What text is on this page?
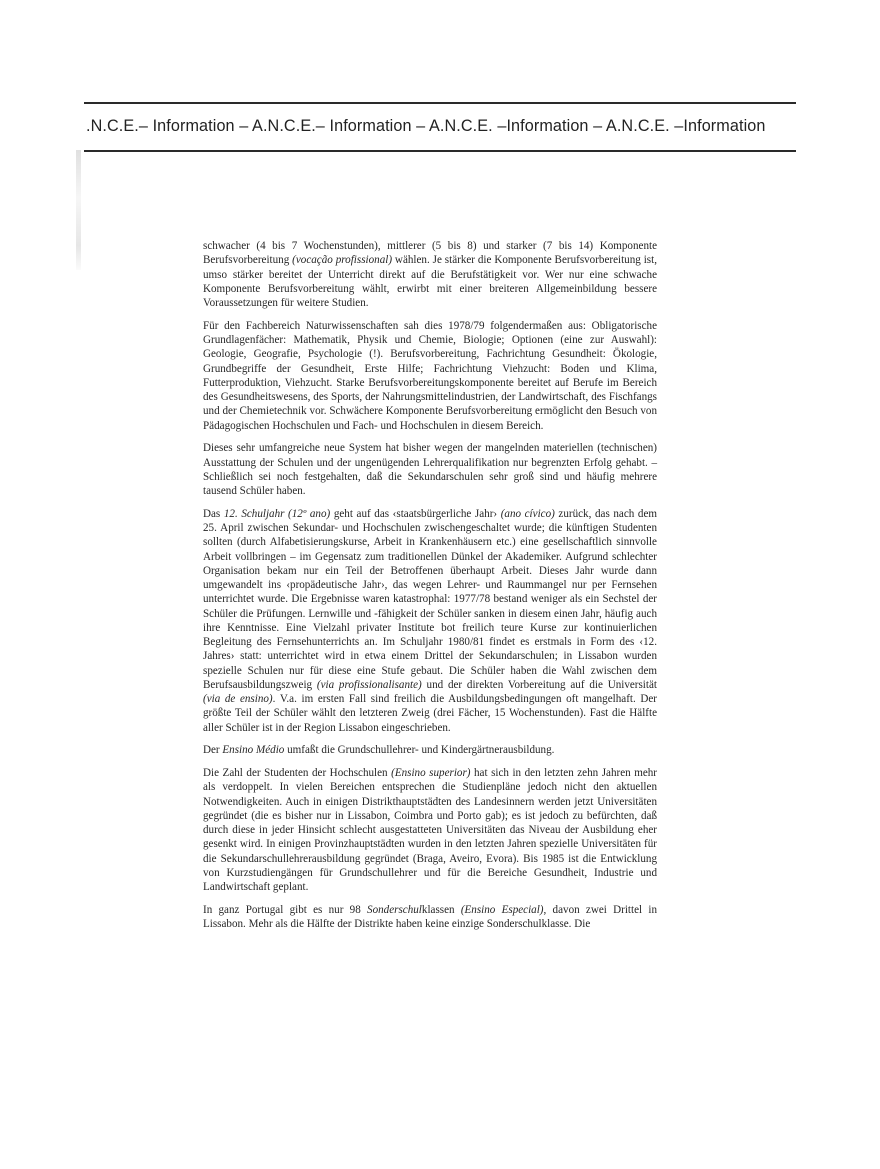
.N.C.E.– Information – A.N.C.E.– Information – A.N.C.E. –Information – A.N.C.E. –Information

schwacher (4 bis 7 Wochenstunden), mittlerer (5 bis 8) und starker (7 bis 14) Komponente Berufsvorbereitung (vocação profissional) wählen. Je stärker die Komponente Berufsvorbereitung ist, umso stärker bereitet der Unterricht direkt auf die Berufstätigkeit vor. Wer nur eine schwache Komponente Berufsvorbereitung wählt, erwirbt mit einer breiteren Allgemeinbildung bessere Voraussetzungen für weitere Studien.

Für den Fachbereich Naturwissenschaften sah dies 1978/79 folgendermaßen aus: Obligatorische Grundlagenfächer: Mathematik, Physik und Chemie, Biologie; Optionen (eine zur Auswahl): Geologie, Geografie, Psychologie (!). Berufsvorbereitung, Fachrichtung Gesundheit: Ökologie, Grundbegriffe der Gesundheit, Erste Hilfe; Fachrichtung Viehzucht: Boden und Klima, Futterproduktion, Viehzucht. Starke Berufsvorbereitungskomponente bereitet auf Berufe im Bereich des Gesundheitswesens, des Sports, der Nahrungsmittelindustrien, der Landwirtschaft, des Fischfangs und der Chemietechnik vor. Schwächere Komponente Berufsvorbereitung ermöglicht den Besuch von Pädagogischen Hochschulen und Fach- und Hochschulen in diesem Bereich.

Dieses sehr umfangreiche neue System hat bisher wegen der mangelnden materiellen (technischen) Ausstattung der Schulen und der ungenügenden Lehrerqualifikation nur begrenzten Erfolg gehabt. – Schließlich sei noch festgehalten, daß die Sekundarschulen sehr groß sind und häufig mehrere tausend Schüler haben.

Das 12. Schuljahr (12º ano) geht auf das ‹staatsbürgerliche Jahr› (ano cívico) zurück, das nach dem 25. April zwischen Sekundar- und Hochschulen zwischengeschaltet wurde; die künftigen Studenten sollten (durch Alfabetisierungskurse, Arbeit in Krankenhäusern etc.) eine gesellschaftlich sinnvolle Arbeit vollbringen – im Gegensatz zum traditionellen Dünkel der Akademiker. Aufgrund schlechter Organisation bekam nur ein Teil der Betroffenen überhaupt Arbeit. Dieses Jahr wurde dann umgewandelt ins ‹propädeutische Jahr›, das wegen Lehrer- und Raummangel nur per Fernsehen unterrichtet wurde. Die Ergebnisse waren katastrophal: 1977/78 bestand weniger als ein Sechstel der Schüler die Prüfungen. Lernwille und -fähigkeit der Schüler sanken in diesem einen Jahr, häufig auch ihre Kenntnisse. Eine Vielzahl privater Institute bot freilich teure Kurse zur kontinuierlichen Begleitung des Fernsehunterrichts an. Im Schuljahr 1980/81 findet es erstmals in Form des ‹12. Jahres› statt: unterrichtet wird in etwa einem Drittel der Sekundarschulen; in Lissabon wurden spezielle Schulen nur für diese eine Stufe gebaut. Die Schüler haben die Wahl zwischen dem Berufsausbildungszweig (via profissionalisante) und der direkten Vorbereitung auf die Universität (via de ensino). V.a. im ersten Fall sind freilich die Ausbildungsbedingungen oft mangelhaft. Der größte Teil der Schüler wählt den letzteren Zweig (drei Fächer, 15 Wochenstunden). Fast die Hälfte aller Schüler ist in der Region Lissabon eingeschrieben.

Der Ensino Médio umfaßt die Grundschullehrer- und Kindergärtnerausbildung.

Die Zahl der Studenten der Hochschulen (Ensino superior) hat sich in den letzten zehn Jahren mehr als verdoppelt. In vielen Bereichen entsprechen die Studienpläne jedoch nicht den aktuellen Notwendigkeiten. Auch in einigen Distrikthauptstädten des Landesinnern werden jetzt Universitäten gegründet (die es bisher nur in Lissabon, Coimbra und Porto gab); es ist jedoch zu befürchten, daß durch diese in jeder Hinsicht schlecht ausgestatteten Universitäten das Niveau der Ausbildung eher gesenkt wird. In einigen Provinzhauptstädten wurden in den letzten Jahren spezielle Universitäten für die Sekundarschullehrerausbildung gegründet (Braga, Aveiro, Evora). Bis 1985 ist die Entwicklung von Kurzstudiengängen für Grundschullehrer und für die Bereiche Gesundheit, Industrie und Landwirtschaft geplant.

In ganz Portugal gibt es nur 98 Sonderschulklassen (Ensino Especial), davon zwei Drittel in Lissabon. Mehr als die Hälfte der Distrikte haben keine einzige Sonderschulklasse. Die
